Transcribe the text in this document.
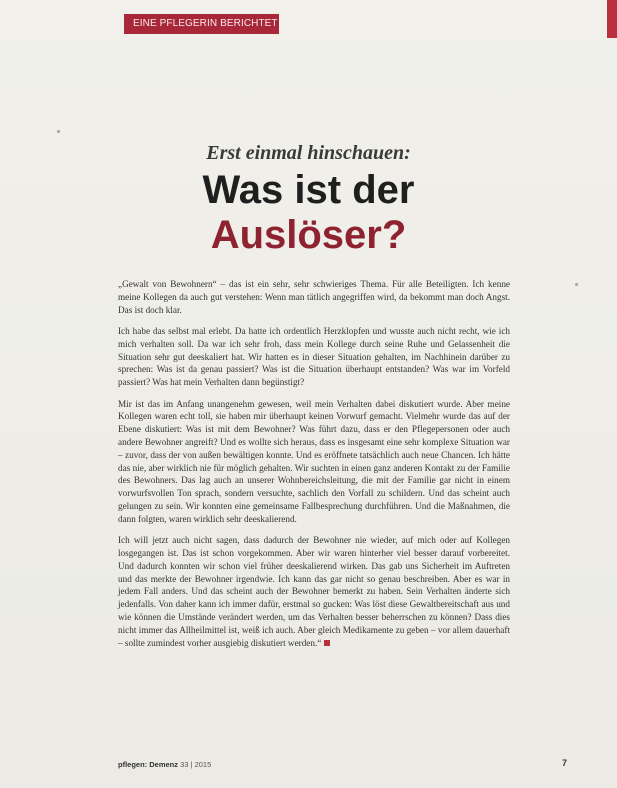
EINE PFLEGERIN BERICHTET
Erst einmal hinschauen:
Was ist der
Auslöser?

„Gewalt von Bewohnern“ – das ist ein sehr, sehr schwieriges Thema. Für alle Beteiligten. Ich kenne meine Kollegen da auch gut verstehen: Wenn man tätlich angegriffen wird, da bekommt man doch Angst. Das ist doch klar.

Ich habe das selbst mal erlebt. Da hatte ich ordentlich Herzklopfen und wusste auch nicht recht, wie ich mich verhalten soll. Da war ich sehr froh, dass mein Kollege durch seine Ruhe und Gelassenheit die Situation sehr gut deeskaliert hat. Wir hatten es in dieser Situation gehalten, im Nachhinein darüber zu sprechen: Was ist da genau passiert? Was ist die Situation überhaupt entstanden? Was war im Vorfeld passiert? Was hat mein Verhalten dann begünstigt?

Mir ist das im Anfang unangenehm gewesen, weil mein Verhalten dabei diskutiert wurde. Aber meine Kollegen waren echt toll, sie haben mir überhaupt keinen Vorwurf gemacht. Vielmehr wurde das auf der Ebene diskutiert: Was ist mit dem Bewohner? Was führt dazu, dass er den Pflegepersonen oder auch andere Bewohner angreift? Und es wollte sich heraus, dass es insgesamt eine sehr komplexe Situation war – zuvor, dass der von außen bewältigen konnte. Und es eröffnete tatsächlich auch neue Chancen. Ich hätte das nie, aber wirklich nie für möglich gehalten. Wir suchten in einen ganz anderen Kontakt zu der Familie des Bewohners. Das lag auch an unserer Wohnbereichsleitung, die mit der Familie gar nicht in einem vorwurfsvollen Ton sprach, sondern versuchte, sachlich den Vorfall zu schildern. Und das scheint auch gelungen zu sein. Wir konnten eine gemeinsame Fallbesprechung durchführen. Und die Maßnahmen, die dann folgten, waren wirklich sehr deeskalierend.

Ich will jetzt auch nicht sagen, dass dadurch der Bewohner nie wieder, auf mich oder auf Kollegen losgegangen ist. Das ist schon vorgekommen. Aber wir waren hinterher viel besser darauf vorbereitet. Und dadurch konnten wir schon viel früher deeskalierend wirken. Das gab uns Sicherheit im Auftreten und das merkte der Bewohner irgendwie. Ich kann das gar nicht so genau beschreiben. Aber es war in jedem Fall anders. Und das scheint auch der Bewohner bemerkt zu haben. Sein Verhalten änderte sich jedenfalls. Von daher kann ich immer dafür, erstmal so gucken: Was löst diese Gewaltbereitschaft aus und wie können die Umstände verändert werden, um das Verhalten besser beherrschen zu können? Dass dies nicht immer das Allheilmittel ist, weiß ich auch. Aber gleich Medikamente zu geben – vor allem dauerhaft – sollte zumindest vorher ausgiebig diskutiert werden.“

pflegen: Demenz 33 | 2015	7
